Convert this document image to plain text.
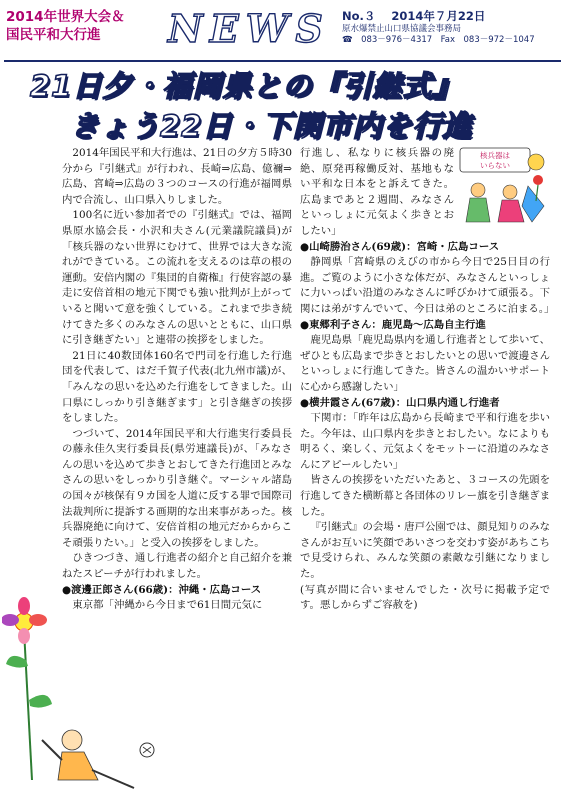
2014年世界大会＆
国民平和大行進	NEWS No.３ 2014年７月22日
原水爆禁止山口県協議会事務局
☎　083－976－4317　Fax　083－972－1047
21日夕・福岡県との『引継式』
きょう22日・下関市内を行進

2014年国民平和大行進は、21日の夕方５時30分から『引継式』が行われ、長崎⇒広島、億禰⇒広島、宮崎⇒広島の３つのコースの行進が福岡県内で合流し、山口県入りしました。

100名に近い参加者での『引継式』では、福岡県原水協会長・小沢和夫さん(元業議院議員)が「核兵器のない世界にむけて、世界では大きな流れができている。この流れを支えるのは草の根の運動。安倍内閣の『集団的自衛権』行使容認の暴走に安倍首相の地元下関でも強い批判が上がっていると聞いて意を強くしている。これまで歩き続けてきた多くのみなさんの思いとともに、山口県に引き継ぎたい」と連帯の挨拶をしました。

21日に40数団体160名で門司を行進した行進団を代表して、はだ千賀子代表(北九州市議)が、「みんなの思いを込めた行進をしてきました。山口県にしっかり引き継ぎます」と引き継ぎの挨拶をしました。

つづいて、2014年国民平和大行進実行委員長の藤永佳久実行委員長(県労連議長)が、「みなさんの思いを込めて歩きとおしてきた行進団とみなさんの思いをしっかり引き継ぐ。マーシャル諸島の国々が核保有９カ国を人道に反する罪で国際司法裁判所に提訴する画期的な出来事があった。核兵器廃絶に向けて、安倍首相の地元だからからこそ頑張りたい。」と受入の挨拶をしました。

ひきつづき、通し行進者の紹介と自己紹介を兼ねたスピーチが行われました。

●渡邊正郎さん(66歳)：沖縄・広島コース

東京都「沖縄から今日まで61日間元気に

核兵器は
いらない

行進し、私なりに核兵器の廃絶、原発再稼働反対、基地もない平和な日本をと訴えてきた。広島まであと２週間、みなさんといっしょに元気よく歩きとおしたい」

●山崎勝治さん(69歳)：宮崎・広島コース

静岡県「宮崎県のえびの市から今日で25日目の行進。ご覧のように小さな体だが、みなさんといっしょに力いっぱい沿道のみなさんに呼びかけて頑張る。下関には弟がすんでいて、今日は弟のところに泊まる。」

●東郷利子さん：鹿児島～広島自主行進

鹿児島県「鹿児島県内を通し行進者として歩いて、ぜひとも広島まで歩きとおしたいとの思いで渡邊さんといっしょに行進してきた。皆さんの温かいサポートに心から感謝したい」

●横井霞さん(67歳)：山口県内通し行進者

下関市：「昨年は広島から長崎まで平和行進を歩いた。今年は、山口県内を歩きとおしたい。なによりも明るく、楽しく、元気よくをモットーに沿道のみなさんにアピールしたい」

皆さんの挨拶をいただいたあと、３コースの先頭を行進してきた横断幕と各団体のリレー旗を引き継ぎました。

『引継式』の会場・唐戸公園では、顔見知りのみなさんがお互いに笑顔であいさつを交わす姿があちこちで見受けられ、みんな笑顔の素敵な引継になりました。

(写真が間に合いませんでした・次号に掲載予定です。悪しからずご容赦を)
